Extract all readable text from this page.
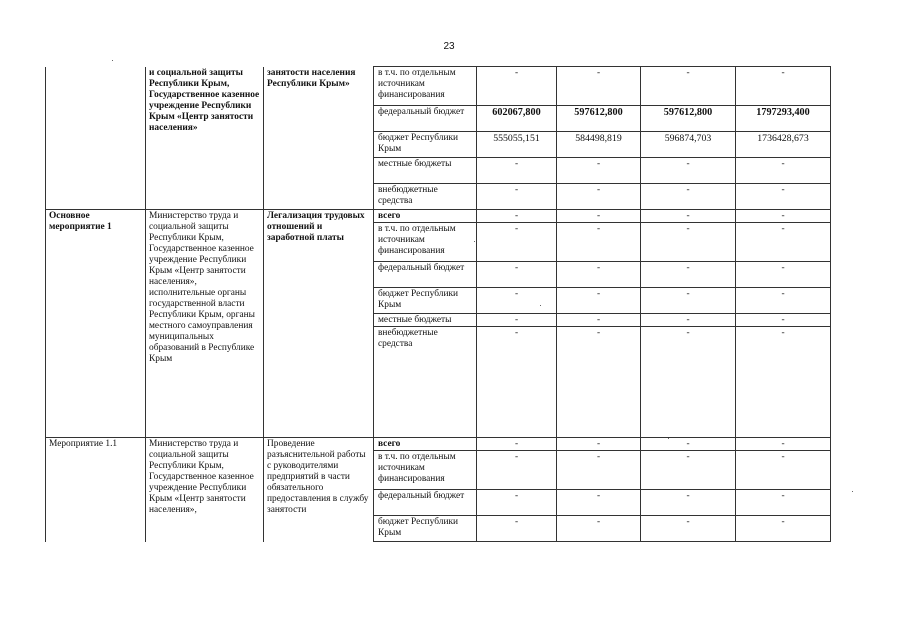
23
	и социальной защиты Республики Крым, Государственное казенное учреждение Республики Крым «Центр занятости населения»	занятости населения Республики Крым»	в т.ч. по отдельным источникам финансирования	-	-	-	-

			федеральный бюджет	602067,800	597612,800	597612,800	1797293,400

			бюджет Республики Крым	555055,151	584498,819	596874,703	1736428,673

			местные бюджеты	-	-	-	-

			внебюджетные средства	-	-	-	-

Основное мероприятие 1	Министерство труда и социальной защиты Республики Крым, Государственное казенное учреждение Республики Крым «Центр занятости населения», исполнительные органы государственной власти Республики Крым, органы местного самоуправления муниципальных образований в Республике Крым	Легализация трудовых отношений и заработной платы	всего	-	-	-	-

			в т.ч. по отдельным источникам финансирования	-	-	-	-

			федеральный бюджет	-	-	-	-

			бюджет Республики Крым	-	-	-	-

			местные бюджеты	-	-	-	-

			внебюджетные средства	-	-	-	-

Мероприятие 1.1	Министерство труда и социальной защиты Республики Крым, Государственное казенное учреждение Республики Крым «Центр занятости населения»,	Проведение разъяснительной работы с руководителями предприятий в части обязательного предоставления в службу занятости	всего	-	-	-	-

			в т.ч. по отдельным источникам финансирования	-	-	-	-

			федеральный бюджет	-	-	-	-

			бюджет Республики Крым	-	-	-	-
